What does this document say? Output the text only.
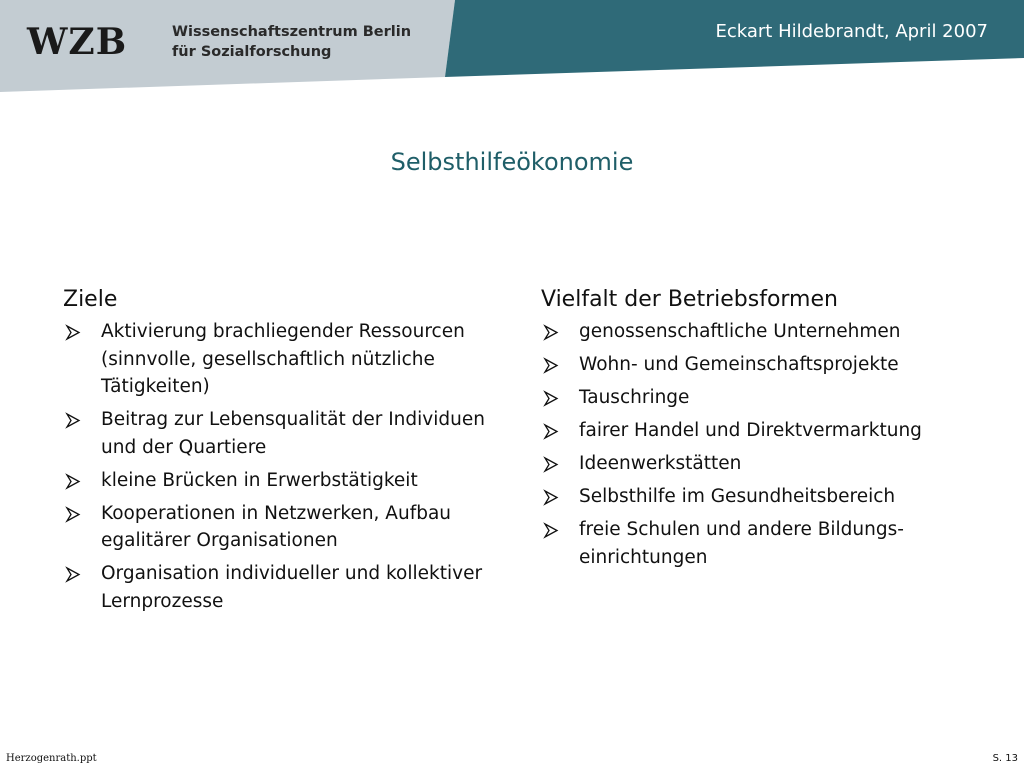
WZB	Wissenschaftszentrum Berlin
für Sozialforschung
Eckart Hildebrandt, April 2007
Selbsthilfeökonomie
Ziele
Aktivierung brachliegender Ressourcen (sinnvolle, gesellschaftlich nützliche Tätigkeiten)
Beitrag zur Lebensqualität der Individuen und der Quartiere
kleine Brücken in Erwerbstätigkeit
Kooperationen in Netzwerken, Aufbau egalitärer Organisationen
Organisation individueller und kollektiver Lernprozesse
Vielfalt der Betriebsformen
genossenschaftliche Unternehmen
Wohn- und Gemeinschaftsprojekte
Tauschringe
fairer Handel und Direktvermarktung
Ideenwerkstätten
Selbsthilfe im Gesundheitsbereich
freie Schulen und andere Bildungs-einrichtungen
Herzogenrath.ppt	S. 13
